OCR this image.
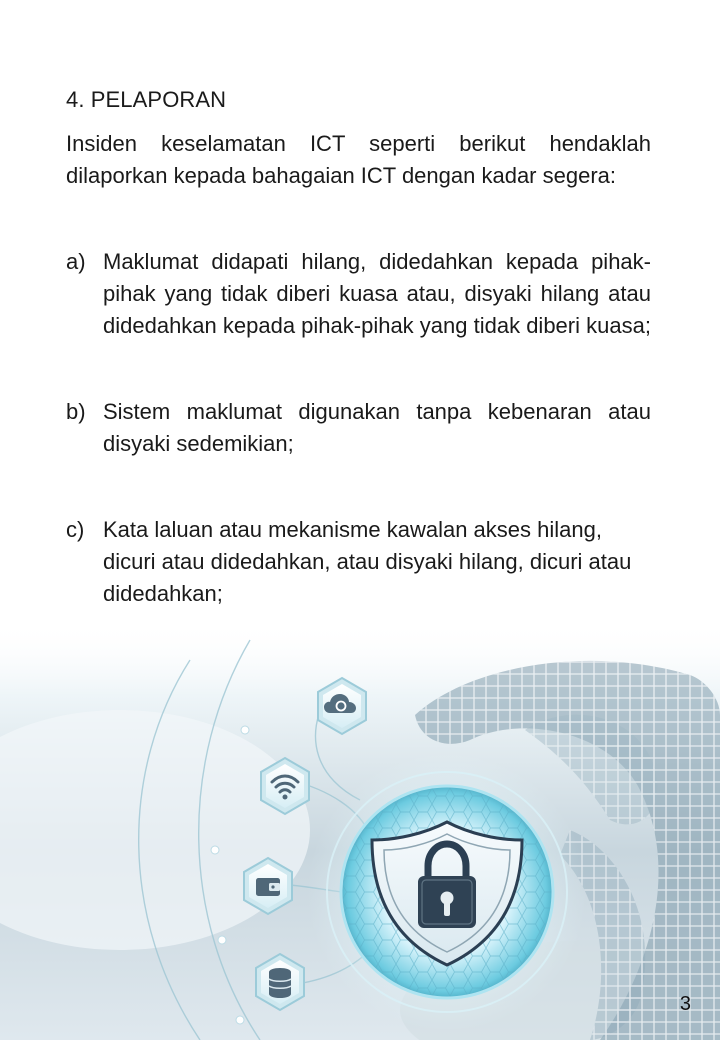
4. PELAPORAN

Insiden keselamatan ICT seperti berikut hendaklah dilaporkan kepada bahagaian ICT dengan kadar segera:

a) Maklumat didapati hilang, didedahkan kepada pihak-pihak yang tidak diberi kuasa atau, disyaki hilang atau didedahkan kepada pihak-pihak yang tidak diberi kuasa;
b) Sistem maklumat digunakan tanpa kebenaran atau disyaki sedemikian;
c) Kata laluan atau mekanisme kawalan akses hilang, dicuri atau didedahkan, atau disyaki hilang, dicuri atau didedahkan;
3
